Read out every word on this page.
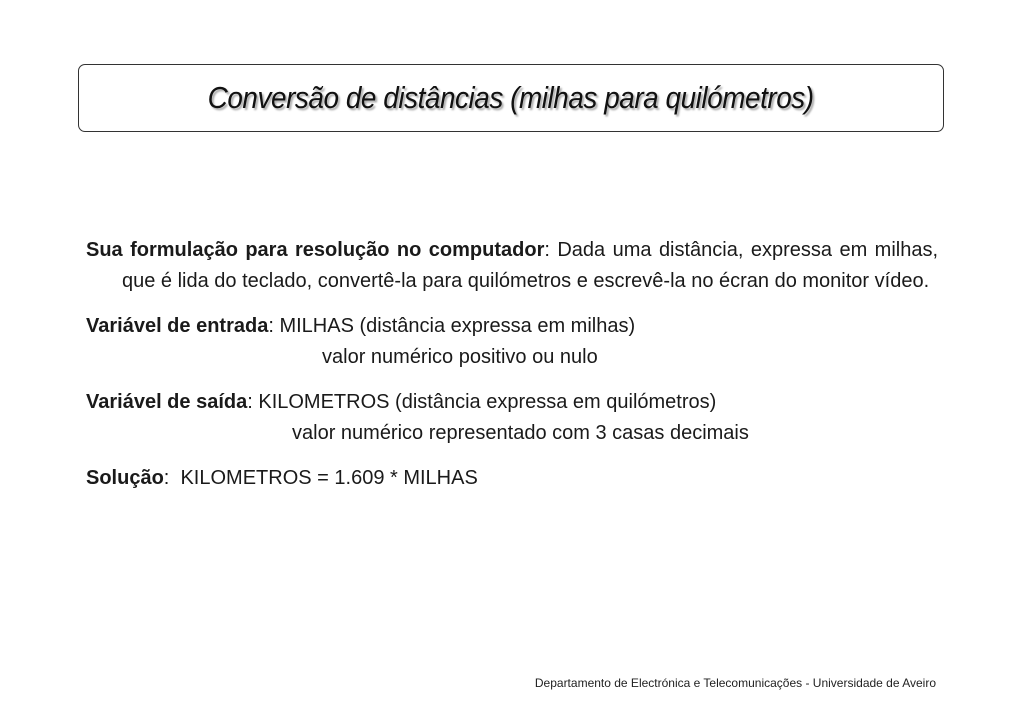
Conversão de distâncias (milhas para quilómetros)

Sua formulação para resolução no computador: Dada uma distância, expressa em milhas, que é lida do teclado, convertê-la para quilómetros e escrevê-la no écran do monitor vídeo.

Variável de entrada: MILHAS (distância expressa em milhas)

valor numérico positivo ou nulo

Variável de saída: KILOMETROS (distância expressa em quilómetros)

valor numérico representado com 3 casas decimais

Solução:  KILOMETROS = 1.609 * MILHAS

Departamento de Electrónica e Telecomunicações - Universidade de Aveiro
